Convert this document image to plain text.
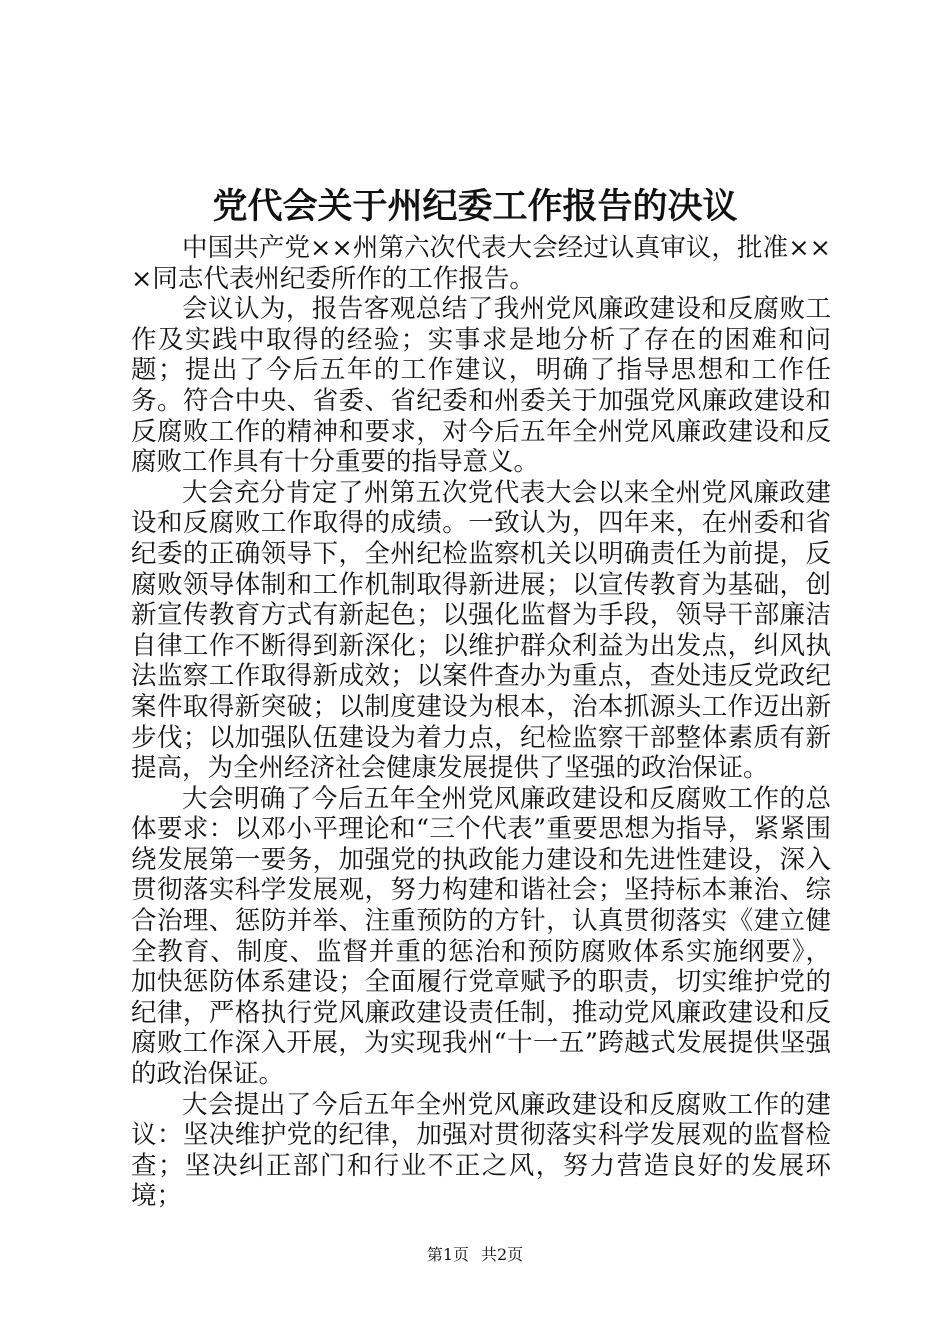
党代会关于州纪委工作报告的决议

中国共产党××州第六次代表大会经过认真审议，批准×××同志代表州纪委所作的工作报告。

会议认为，报告客观总结了我州党风廉政建设和反腐败工作及实践中取得的经验；实事求是地分析了存在的困难和问题；提出了今后五年的工作建议，明确了指导思想和工作任务。符合中央、省委、省纪委和州委关于加强党风廉政建设和反腐败工作的精神和要求，对今后五年全州党风廉政建设和反腐败工作具有十分重要的指导意义。

大会充分肯定了州第五次党代表大会以来全州党风廉政建设和反腐败工作取得的成绩。一致认为，四年来，在州委和省纪委的正确领导下，全州纪检监察机关以明确责任为前提，反腐败领导体制和工作机制取得新进展；以宣传教育为基础，创新宣传教育方式有新起色；以强化监督为手段，领导干部廉洁自律工作不断得到新深化；以维护群众利益为出发点，纠风执法监察工作取得新成效；以案件查办为重点，查处违反党政纪案件取得新突破；以制度建设为根本，治本抓源头工作迈出新步伐；以加强队伍建设为着力点，纪检监察干部整体素质有新提高，为全州经济社会健康发展提供了坚强的政治保证。

大会明确了今后五年全州党风廉政建设和反腐败工作的总体要求：以邓小平理论和“三个代表”重要思想为指导，紧紧围绕发展第一要务，加强党的执政能力建设和先进性建设，深入贯彻落实科学发展观，努力构建和谐社会；坚持标本兼治、综合治理、惩防并举、注重预防的方针，认真贯彻落实《建立健全教育、制度、监督并重的惩治和预防腐败体系实施纲要》，加快惩防体系建设；全面履行党章赋予的职责，切实维护党的纪律，严格执行党风廉政建设责任制，推动党风廉政建设和反腐败工作深入开展，为实现我州“十一五”跨越式发展提供坚强的政治保证。

大会提出了今后五年全州党风廉政建设和反腐败工作的建议：坚决维护党的纪律，加强对贯彻落实科学发展观的监督检查；坚决纠正部门和行业不正之风，努力营造良好的发展环境；

第1页 共2页
